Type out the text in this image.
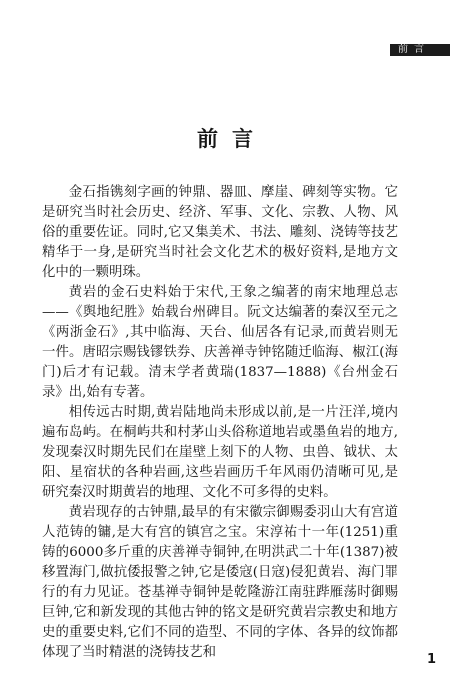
前言
前言

金石指镌刻字画的钟鼎、器皿、摩崖、碑刻等实物。它是研究当时社会历史、经济、军事、文化、宗教、人物、风俗的重要佐证。同时,它又集美术、书法、雕刻、浇铸等技艺精华于一身,是研究当时社会文化艺术的极好资料,是地方文化中的一颗明珠。

黄岩的金石史料始于宋代,王象之编著的南宋地理总志——《舆地纪胜》始载台州碑目。阮文达编著的秦汉至元之《两浙金石》,其中临海、天台、仙居各有记录,而黄岩则无一件。唐昭宗赐钱镠铁券、庆善禅寺钟铭随迁临海、椒江(海门)后才有记载。清末学者黄瑞(1837—1888)《台州金石录》出,始有专著。

相传远古时期,黄岩陆地尚未形成以前,是一片汪洋,境内遍布岛屿。在桐屿共和村茅山头俗称道地岩或墨鱼岩的地方,发现秦汉时期先民们在崖壁上刻下的人物、虫兽、钺状、太阳、星宿状的各种岩画,这些岩画历千年风雨仍清晰可见,是研究秦汉时期黄岩的地理、文化不可多得的史料。

黄岩现存的古钟鼎,最早的有宋徽宗御赐委羽山大有宫道人范铸的镛,是大有宫的镇宫之宝。宋淳祐十一年(1251)重铸的6000多斤重的庆善禅寺铜钟,在明洪武二十年(1387)被移置海门,做抗倭报警之钟,它是倭寇(日寇)侵犯黄岩、海门罪行的有力见证。苍基禅寺铜钟是乾隆游江南驻跸雁荡时御赐巨钟,它和新发现的其他古钟的铭文是研究黄岩宗教史和地方史的重要史料,它们不同的造型、不同的字体、各异的纹饰都体现了当时精湛的浇铸技艺和	1
